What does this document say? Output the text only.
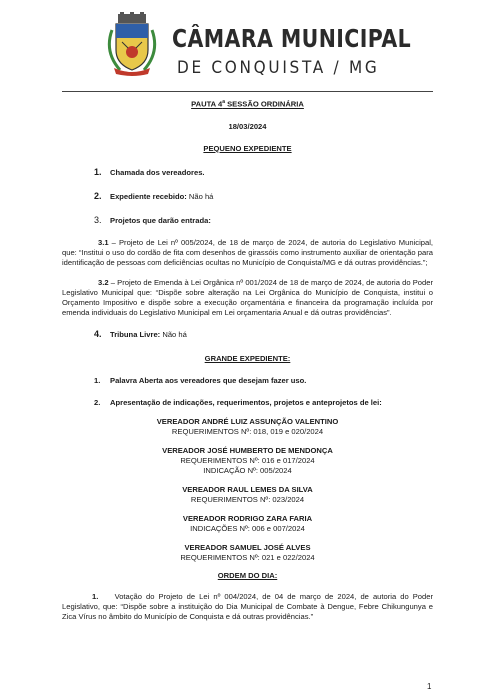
CÂMARA MUNICIPAL
DE CONQUISTA / MG
PAUTA 4$^a$ SESSÃO ORDINÁRIA
18/03/2024
PEQUENO EXPEDIENTE
1. Chamada dos vereadores.
2. Expediente recebido: Não há
3. Projetos que darão entrada:

3.1 – Projeto de Lei nº 005/2024, de 18 de março de 2024, de autoria do Legislativo Municipal, que: “Institui o uso do cordão de fita com desenhos de girassóis como instrumento auxiliar de orientação para identificação de pessoas com deficiências ocultas no Município de Conquista/MG e dá outras providências.”;

3.2 – Projeto de Emenda à Lei Orgânica nº 001/2024 de 18 de março de 2024, de autoria do Poder Legislativo Municipal que: “Dispõe sobre alteração na Lei Orgânica do Município de Conquista, institui o Orçamento Impositivo e dispõe sobre a execução orçamentária e financeira da programação incluída por emenda individuais do Legislativo Municipal em Lei orçamentaria Anual e dá outras providências”.

4. Tribuna Livre: Não há
GRANDE EXPEDIENTE:
1. Palavra Aberta aos vereadores que desejam fazer uso.
2. Apresentação de indicações, requerimentos, projetos e anteprojetos de lei:
VEREADOR ANDRÉ LUIZ ASSUNÇÃO VALENTINO
REQUERIMENTOS Nº: 018, 019 e 020/2024
VEREADOR JOSÉ HUMBERTO DE MENDONÇA
REQUERIMENTOS Nº: 016 e 017/2024
INDICAÇÃO Nº: 005/2024
VEREADOR RAUL LEMES DA SILVA
REQUERIMENTOS Nº: 023/2024
VEREADOR RODRIGO ZARA FARIA
INDICAÇÕES Nº: 006 e 007/2024
VEREADOR SAMUEL JOSÉ ALVES
REQUERIMENTOS Nº: 021 e 022/2024
ORDEM DO DIA:

1. Votação do Projeto de Lei nº 004/2024, de 04 de março de 2024, de autoria do Poder Legislativo, que: “Dispõe sobre a instituição do Dia Municipal de Combate à Dengue, Febre Chikungunya e Zica Vírus no âmbito do Município de Conquista e dá outras providências.”

1
